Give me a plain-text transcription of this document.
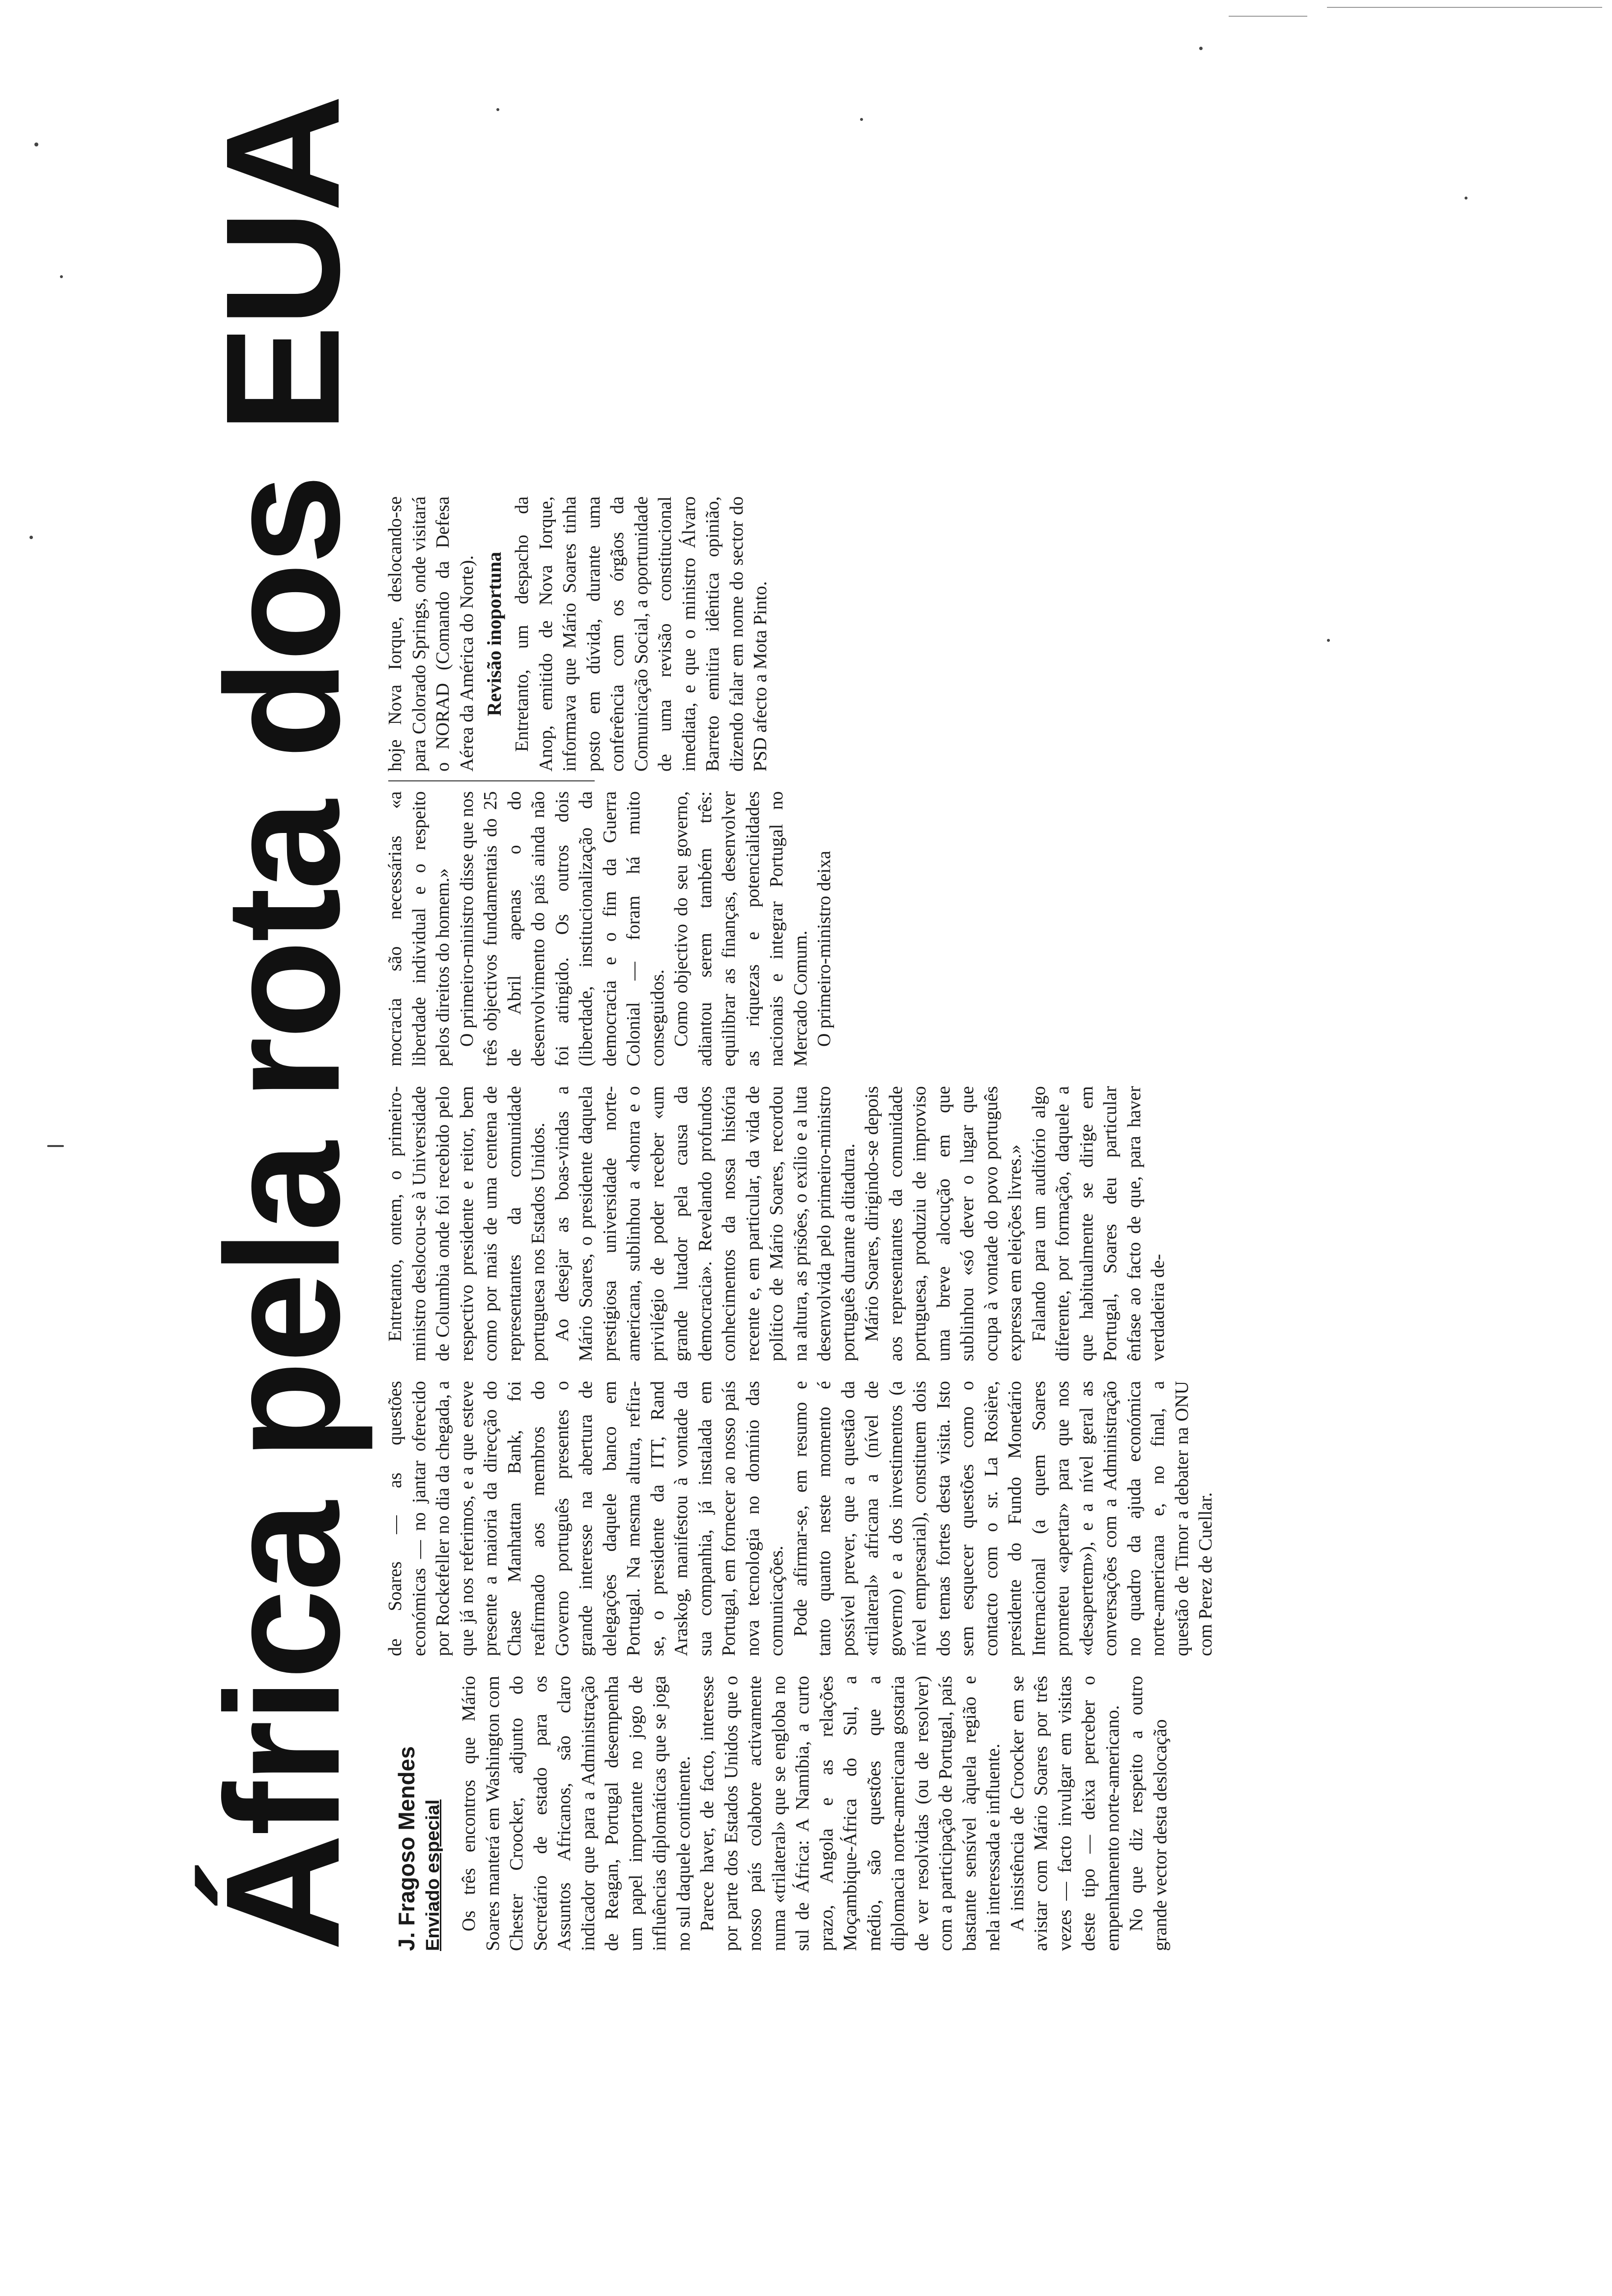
África pela rota dos EUA J. Fragoso Mendes Enviado especial Os três encontros que Mário Soares manterá em Washington com Chester Croocker, adjunto do Secretário de estado para os Assuntos Africanos, são claro indicador que para a Administração de Reagan, Portugal desempenha um papel importante no jogo de influências diplomáticas que se joga no sul daquele continente. Parece haver, de facto, interesse por parte dos Estados Unidos que o nosso país colabore activamente numa «trilateral» que se engloba no sul de África: A Namíbia, a curto prazo, Angola e as relações Moçambique-África do Sul, a médio, são questões que a diplomacia norte-americana gostaria de ver resolvidas (ou de resolver) com a participação de Portugal, país bastante sensível àquela região e nela interessada e influente. A insistência de Croocker em se avistar com Mário Soares por três vezes — facto invulgar em visitas deste tipo — deixa perceber o empenhamento norte-americano. No que diz respeito a outro grande vector desta deslocação

de Soares — as questões económicas — no jantar oferecido por Rockefeller no dia da chegada, a que já nos referimos, e a que esteve presente a maioria da direcção do Chase Manhattan Bank, foi reafirmado aos membros do Governo português presentes o grande interesse na abertura de delegações daquele banco em Portugal. Na mesma altura, refira-se, o presidente da ITT, Rand Araskog, manifestou à vontade da sua companhia, já instalada em Portugal, em fornecer ao nosso país nova tecnologia no domínio das comunicações. Pode afirmar-se, em resumo e tanto quanto neste momento é possível prever, que a questão da «trilateral» africana a (nível de governo) e a dos investimentos (a nível empresarial), constituem dois dos temas fortes desta visita. Isto sem esquecer questões como o contacto com o sr. La Rosière, presidente do Fundo Monetário Internacional (a quem Soares prometeu «apertar» para que nos «desapertem»), e a nível geral as conversações com a Administração no quadro da ajuda económica norte-americana e, no final, a questão de Timor a debater na ONU com Perez de Cuellar.

Entretanto, ontem, o primeiro-ministro deslocou-se à Universidade de Columbia onde foi recebido pelo respectivo presidente e reitor, bem como por mais de uma centena de representantes da comunidade portuguesa nos Estados Unidos. Ao desejar as boas-vindas a Mário Soares, o presidente daquela prestigiosa universidade norte-americana, sublinhou a «honra e o privilégio de poder receber «um grande lutador pela causa da democracia». Revelando profundos conhecimentos da nossa história recente e, em particular, da vida de político de Mário Soares, recordou na altura, as prisões, o exílio e a luta desenvolvida pelo primeiro-ministro português durante a ditadura. Mário Soares, dirigindo-se depois aos representantes da comunidade portuguesa, produziu de improviso uma breve alocução em que sublinhou «só dever o lugar que ocupa à vontade do povo português expressa em eleições livres.» Falando para um auditório algo diferente, por formação, daquele a que habitualmente se dirige em Portugal, Soares deu particular ênfase ao facto de que, para haver verdadeira de-

mocracia são necessárias «a liberdade individual e o respeito pelos direitos do homem.» O primeiro-ministro disse que nos três objectivos fundamentais do 25 de Abril apenas o do desenvolvimento do país ainda não foi atingido. Os outros dois (liberdade, institucionalização da democracia e o fim da Guerra Colonial — foram há muito conseguidos. Como objectivo do seu governo, adiantou serem também três: equilibrar as finanças, desenvolver as riquezas e potencialidades nacionais e integrar Portugal no Mercado Comum. O primeiro-ministro deixa

hoje Nova Iorque, deslocando-se para Colorado Springs, onde visitará o NORAD (Comando da Defesa Aérea da América do Norte). Revisão inoportuna Entretanto, um despacho da Anop, emitido de Nova Iorque, informava que Mário Soares tinha posto em dúvida, durante uma conferência com os órgãos da Comunicação Social, a oportunidade de uma revisão constitucional imediata, e que o ministro Álvaro Barreto emitira idêntica opinião, dizendo falar em nome do sector do PSD afecto a Mota Pinto.
